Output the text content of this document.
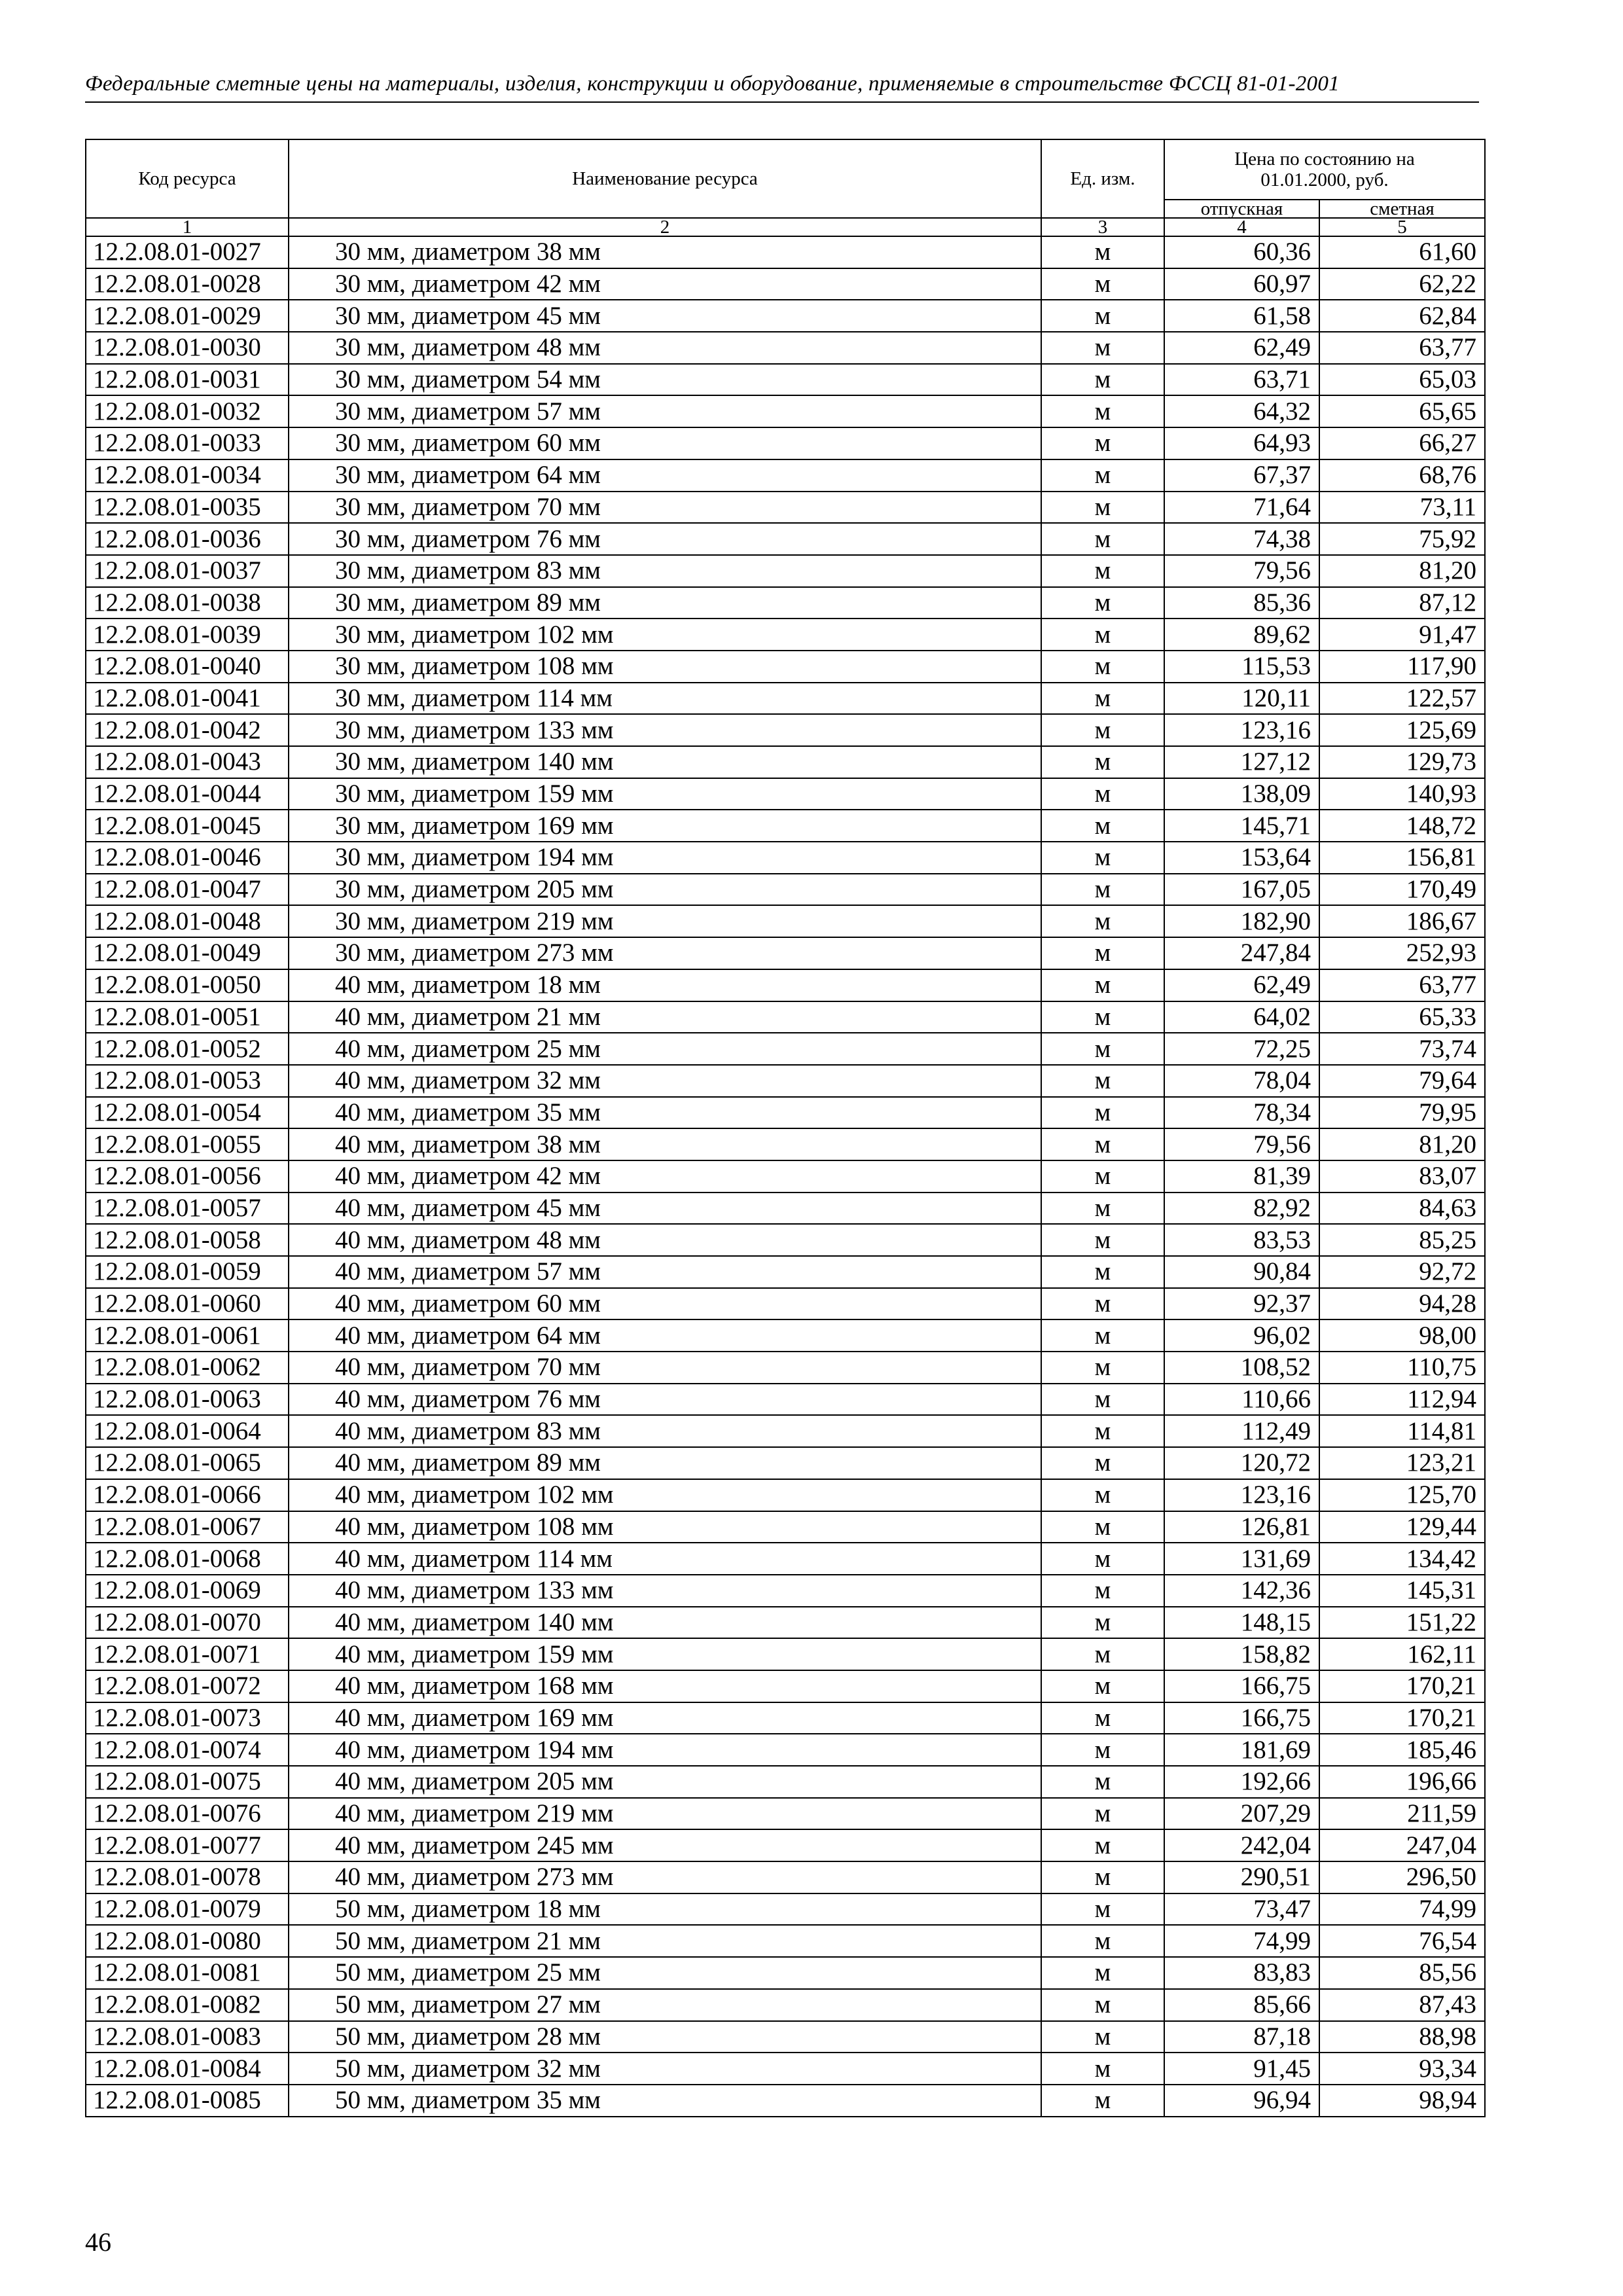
Федеральные сметные цены на материалы, изделия, конструкции и оборудование, применяемые в строительстве ФССЦ 81-01-2001
Код ресурса	Наименование ресурса	Ед. изм.	Цена по состоянию на 01.01.2000, руб.	
			отпускная	сметная
1	2	3	4	5
12.2.08.01-0027	30 мм, диаметром 38 мм	м	60,36	61,60
12.2.08.01-0028	30 мм, диаметром 42 мм	м	60,97	62,22
12.2.08.01-0029	30 мм, диаметром 45 мм	м	61,58	62,84
12.2.08.01-0030	30 мм, диаметром 48 мм	м	62,49	63,77
12.2.08.01-0031	30 мм, диаметром 54 мм	м	63,71	65,03
12.2.08.01-0032	30 мм, диаметром 57 мм	м	64,32	65,65
12.2.08.01-0033	30 мм, диаметром 60 мм	м	64,93	66,27
12.2.08.01-0034	30 мм, диаметром 64 мм	м	67,37	68,76
12.2.08.01-0035	30 мм, диаметром 70 мм	м	71,64	73,11
12.2.08.01-0036	30 мм, диаметром 76 мм	м	74,38	75,92
12.2.08.01-0037	30 мм, диаметром 83 мм	м	79,56	81,20
12.2.08.01-0038	30 мм, диаметром 89 мм	м	85,36	87,12
12.2.08.01-0039	30 мм, диаметром 102 мм	м	89,62	91,47
12.2.08.01-0040	30 мм, диаметром 108 мм	м	115,53	117,90
12.2.08.01-0041	30 мм, диаметром 114 мм	м	120,11	122,57
12.2.08.01-0042	30 мм, диаметром 133 мм	м	123,16	125,69
12.2.08.01-0043	30 мм, диаметром 140 мм	м	127,12	129,73
12.2.08.01-0044	30 мм, диаметром 159 мм	м	138,09	140,93
12.2.08.01-0045	30 мм, диаметром 169 мм	м	145,71	148,72
12.2.08.01-0046	30 мм, диаметром 194 мм	м	153,64	156,81
12.2.08.01-0047	30 мм, диаметром 205 мм	м	167,05	170,49
12.2.08.01-0048	30 мм, диаметром 219 мм	м	182,90	186,67
12.2.08.01-0049	30 мм, диаметром 273 мм	м	247,84	252,93
12.2.08.01-0050	40 мм, диаметром 18 мм	м	62,49	63,77
12.2.08.01-0051	40 мм, диаметром 21 мм	м	64,02	65,33
12.2.08.01-0052	40 мм, диаметром 25 мм	м	72,25	73,74
12.2.08.01-0053	40 мм, диаметром 32 мм	м	78,04	79,64
12.2.08.01-0054	40 мм, диаметром 35 мм	м	78,34	79,95
12.2.08.01-0055	40 мм, диаметром 38 мм	м	79,56	81,20
12.2.08.01-0056	40 мм, диаметром 42 мм	м	81,39	83,07
12.2.08.01-0057	40 мм, диаметром 45 мм	м	82,92	84,63
12.2.08.01-0058	40 мм, диаметром 48 мм	м	83,53	85,25
12.2.08.01-0059	40 мм, диаметром 57 мм	м	90,84	92,72
12.2.08.01-0060	40 мм, диаметром 60 мм	м	92,37	94,28
12.2.08.01-0061	40 мм, диаметром 64 мм	м	96,02	98,00
12.2.08.01-0062	40 мм, диаметром 70 мм	м	108,52	110,75
12.2.08.01-0063	40 мм, диаметром 76 мм	м	110,66	112,94
12.2.08.01-0064	40 мм, диаметром 83 мм	м	112,49	114,81
12.2.08.01-0065	40 мм, диаметром 89 мм	м	120,72	123,21
12.2.08.01-0066	40 мм, диаметром 102 мм	м	123,16	125,70
12.2.08.01-0067	40 мм, диаметром 108 мм	м	126,81	129,44
12.2.08.01-0068	40 мм, диаметром 114 мм	м	131,69	134,42
12.2.08.01-0069	40 мм, диаметром 133 мм	м	142,36	145,31
12.2.08.01-0070	40 мм, диаметром 140 мм	м	148,15	151,22
12.2.08.01-0071	40 мм, диаметром 159 мм	м	158,82	162,11
12.2.08.01-0072	40 мм, диаметром 168 мм	м	166,75	170,21
12.2.08.01-0073	40 мм, диаметром 169 мм	м	166,75	170,21
12.2.08.01-0074	40 мм, диаметром 194 мм	м	181,69	185,46
12.2.08.01-0075	40 мм, диаметром 205 мм	м	192,66	196,66
12.2.08.01-0076	40 мм, диаметром 219 мм	м	207,29	211,59
12.2.08.01-0077	40 мм, диаметром 245 мм	м	242,04	247,04
12.2.08.01-0078	40 мм, диаметром 273 мм	м	290,51	296,50
12.2.08.01-0079	50 мм, диаметром 18 мм	м	73,47	74,99
12.2.08.01-0080	50 мм, диаметром 21 мм	м	74,99	76,54
12.2.08.01-0081	50 мм, диаметром 25 мм	м	83,83	85,56
12.2.08.01-0082	50 мм, диаметром 27 мм	м	85,66	87,43
12.2.08.01-0083	50 мм, диаметром 28 мм	м	87,18	88,98
12.2.08.01-0084	50 мм, диаметром 32 мм	м	91,45	93,34
12.2.08.01-0085	50 мм, диаметром 35 мм	м	96,94	98,94
46
